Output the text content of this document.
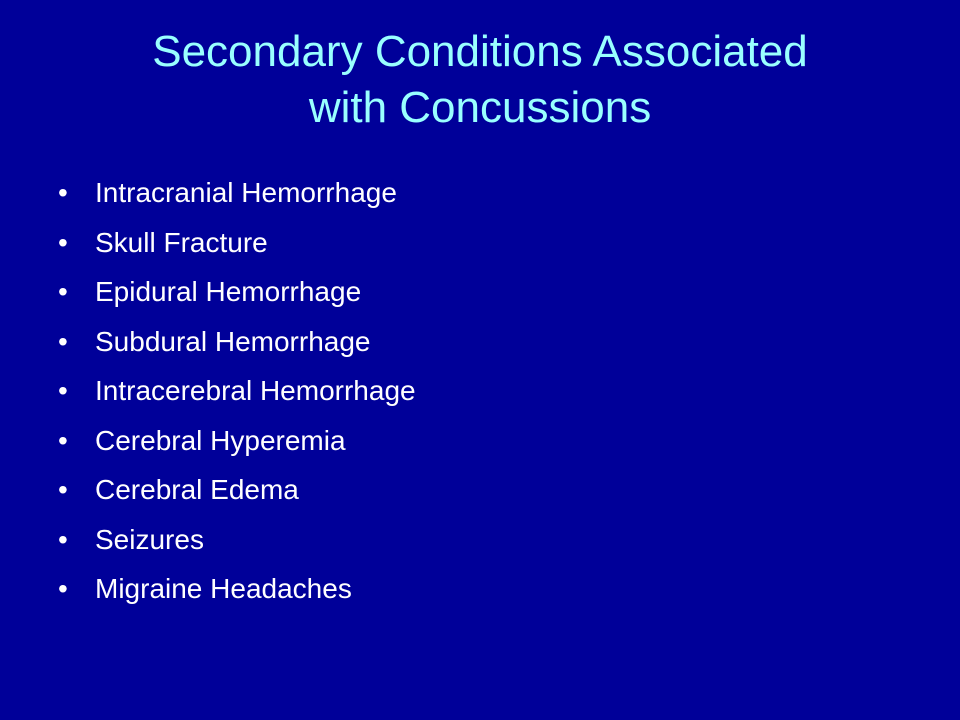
Secondary Conditions Associated
with Concussions
• Intracranial Hemorrhage
• Skull Fracture
• Epidural Hemorrhage
• Subdural Hemorrhage
• Intracerebral Hemorrhage
• Cerebral Hyperemia
• Cerebral Edema
• Seizures
• Migraine Headaches
